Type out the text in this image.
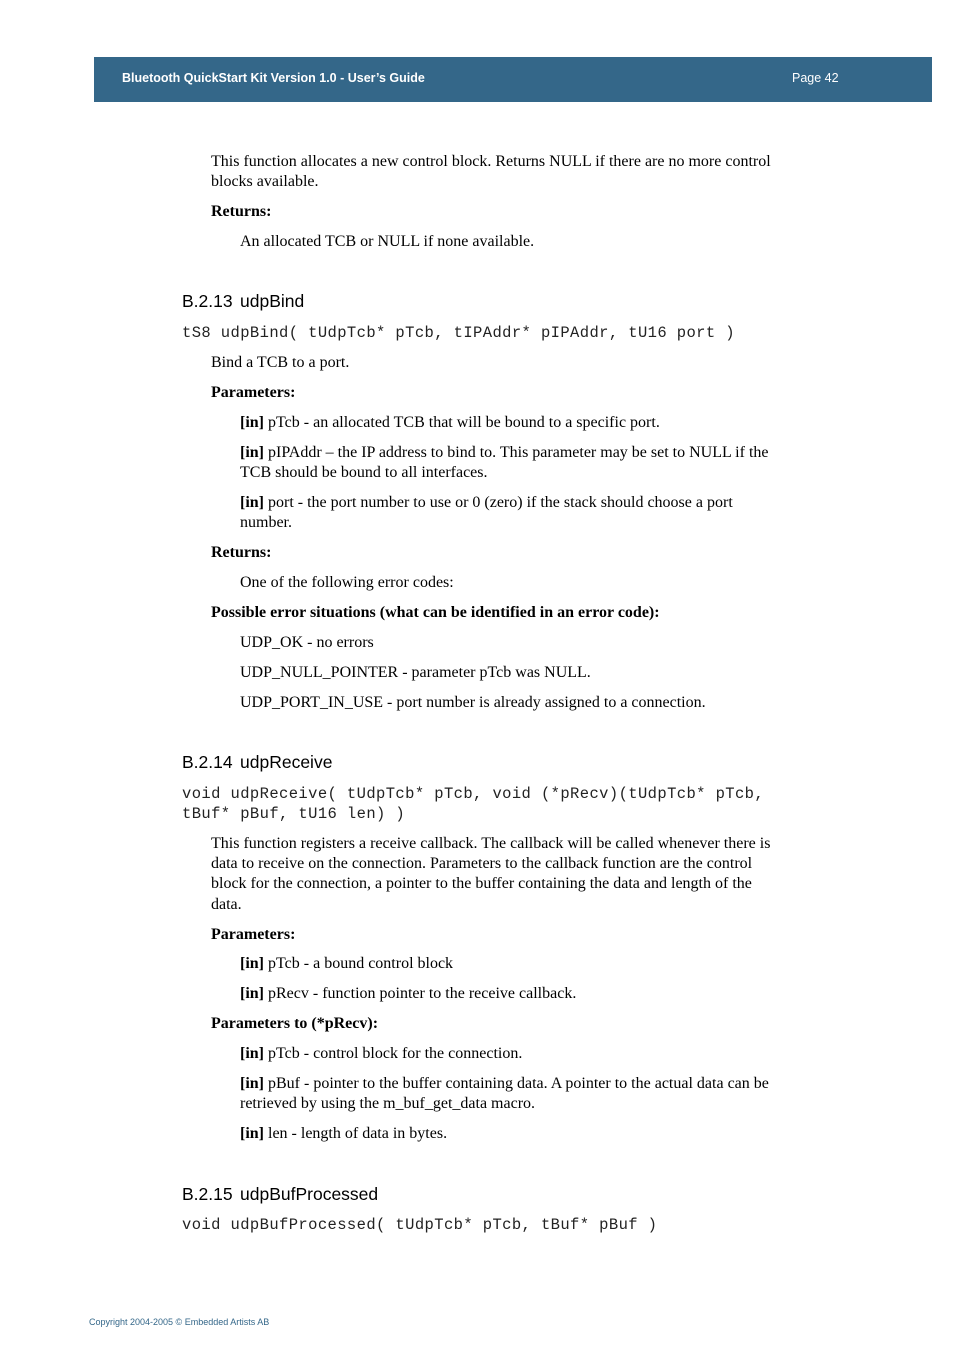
Bluetooth QuickStart Kit Version 1.0 - User’s Guide	Page 42
This function allocates a new control block. Returns NULL if there are no more control
blocks available.
Returns:
An allocated TCB or NULL if none available.
B.2.13 udpBind
tS8 udpBind( tUdpTcb* pTcb, tIPAddr* pIPAddr, tU16 port )
Bind a TCB to a port.
Parameters:
[in] pTcb - an allocated TCB that will be bound to a specific port.
[in] pIPAddr – the IP address to bind to. This parameter may be set to NULL if the
TCB should be bound to all interfaces.
[in] port - the port number to use or 0 (zero) if the stack should choose a port
number.
Returns:
One of the following error codes:
Possible error situations (what can be identified in an error code):
UDP_OK - no errors
UDP_NULL_POINTER - parameter pTcb was NULL.
UDP_PORT_IN_USE - port number is already assigned to a connection.
B.2.14 udpReceive
void udpReceive( tUdpTcb* pTcb, void (*pRecv)(tUdpTcb* pTcb,
tBuf* pBuf, tU16 len) )
This function registers a receive callback. The callback will be called whenever there is
data to receive on the connection. Parameters to the callback function are the control
block for the connection, a pointer to the buffer containing the data and length of the
data.
Parameters:
[in] pTcb - a bound control block
[in] pRecv - function pointer to the receive callback.
Parameters to (*pRecv):
[in] pTcb - control block for the connection.
[in] pBuf - pointer to the buffer containing data. A pointer to the actual data can be
retrieved by using the m_buf_get_data macro.
[in] len - length of data in bytes.
B.2.15 udpBufProcessed
void udpBufProcessed( tUdpTcb* pTcb, tBuf* pBuf )
Copyright 2004-2005 © Embedded Artists AB
